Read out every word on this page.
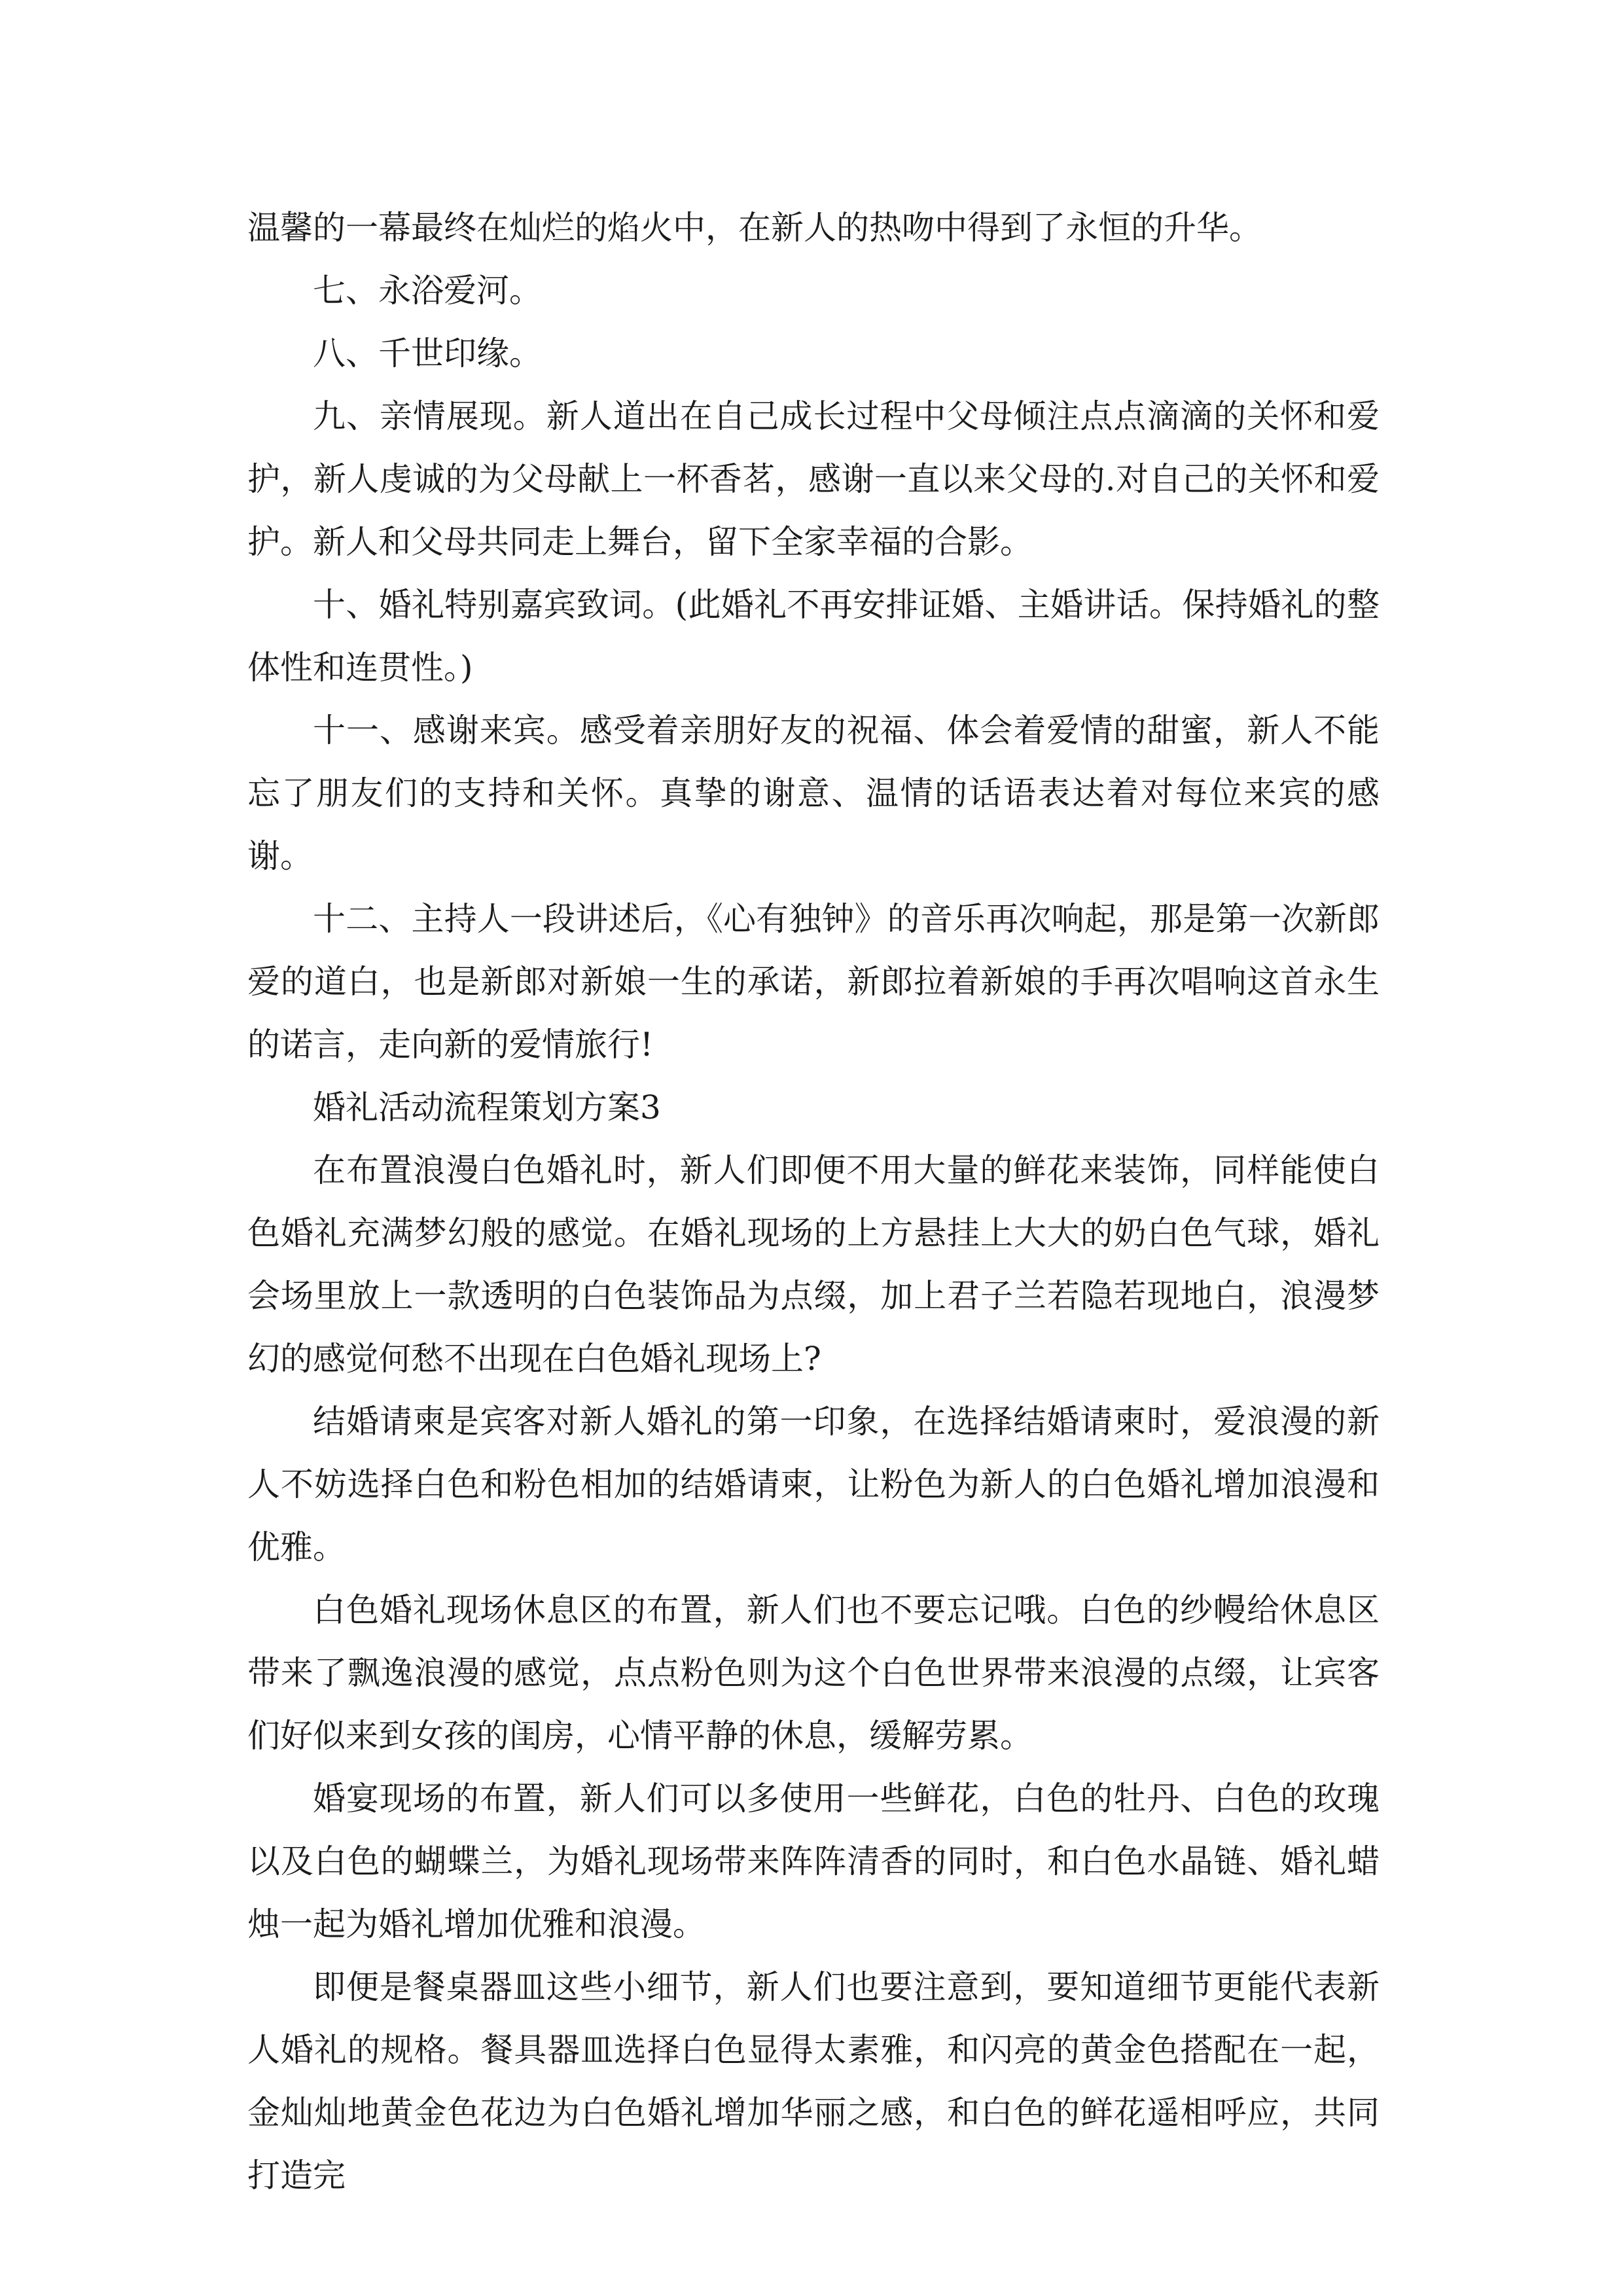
温馨的一幕最终在灿烂的焰火中，在新人的热吻中得到了永恒的升华。

七、永浴爱河。

八、千世印缘。

九、亲情展现。新人道出在自己成长过程中父母倾注点点滴滴的关怀和爱护，新人虔诚的为父母献上一杯香茗，感谢一直以来父母的.对自己的关怀和爱护。新人和父母共同走上舞台，留下全家幸福的合影。

十、婚礼特别嘉宾致词。(此婚礼不再安排证婚、主婚讲话。保持婚礼的整体性和连贯性。)

十一、感谢来宾。感受着亲朋好友的祝福、体会着爱情的甜蜜，新人不能忘了朋友们的支持和关怀。真挚的谢意、温情的话语表达着对每位来宾的感谢。

十二、主持人一段讲述后，《心有独钟》的音乐再次响起，那是第一次新郎爱的道白，也是新郎对新娘一生的承诺，新郎拉着新娘的手再次唱响这首永生的诺言，走向新的爱情旅行!

婚礼活动流程策划方案3

在布置浪漫白色婚礼时，新人们即便不用大量的鲜花来装饰，同样能使白色婚礼充满梦幻般的感觉。在婚礼现场的上方悬挂上大大的奶白色气球，婚礼会场里放上一款透明的白色装饰品为点缀，加上君子兰若隐若现地白，浪漫梦幻的感觉何愁不出现在白色婚礼现场上?

结婚请柬是宾客对新人婚礼的第一印象，在选择结婚请柬时，爱浪漫的新人不妨选择白色和粉色相加的结婚请柬，让粉色为新人的白色婚礼增加浪漫和优雅。

白色婚礼现场休息区的布置，新人们也不要忘记哦。白色的纱幔给休息区带来了飘逸浪漫的感觉，点点粉色则为这个白色世界带来浪漫的点缀，让宾客们好似来到女孩的闺房，心情平静的休息，缓解劳累。

婚宴现场的布置，新人们可以多使用一些鲜花，白色的牡丹、白色的玫瑰以及白色的蝴蝶兰，为婚礼现场带来阵阵清香的同时，和白色水晶链、婚礼蜡烛一起为婚礼增加优雅和浪漫。

即便是餐桌器皿这些小细节，新人们也要注意到，要知道细节更能代表新人婚礼的规格。餐具器皿选择白色显得太素雅，和闪亮的黄金色搭配在一起，金灿灿地黄金色花边为白色婚礼增加华丽之感，和白色的鲜花遥相呼应，共同打造完
